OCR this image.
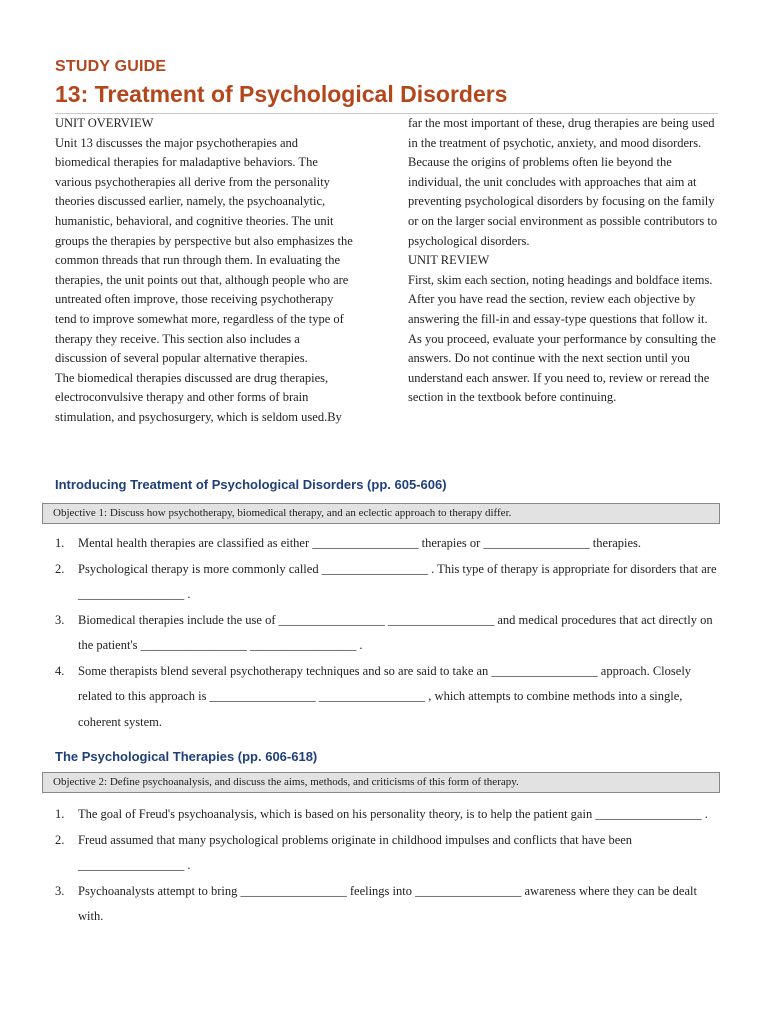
STUDY GUIDE
13: Treatment of Psychological Disorders

UNIT OVERVIEW

Unit 13 discusses the major psychotherapies and biomedical therapies for maladaptive behaviors. The various psychotherapies all derive from the personality theories discussed earlier, namely, the psychoanalytic, humanistic, behavioral, and cognitive theories. The unit groups the therapies by perspective but also emphasizes the common threads that run through them. In evaluating the therapies, the unit points out that, although people who are untreated often improve, those receiving psychotherapy tend to improve somewhat more, regardless of the type of therapy they receive. This section also includes a discussion of several popular alternative therapies.

The biomedical therapies discussed are drug therapies, electroconvulsive therapy and other forms of brain stimulation, and psychosurgery, which is seldom used.By

far the most important of these, drug therapies are being used in the treatment of psychotic, anxiety, and mood disorders.

Because the origins of problems often lie beyond the individual, the unit concludes with approaches that aim at preventing psychological disorders by focusing on the family or on the larger social environment as possible contributors to psychological disorders.

UNIT REVIEW

First, skim each section, noting headings and boldface items. After you have read the section, review each objective by answering the fill-in and essay-type questions that follow it. As you proceed, evaluate your performance by consulting the answers. Do not continue with the next section until you understand each answer. If you need to, review or reread the section in the textbook before continuing.

Introducing Treatment of Psychological Disorders (pp. 605-606)
Objective 1: Discuss how psychotherapy, biomedical therapy, and an eclectic approach to therapy differ.
1. Mental health therapies are classified as either _________________ therapies or _________________ therapies.
2. Psychological therapy is more commonly called _________________ . This type of therapy is appropriate for disorders that are _________________ .
3. Biomedical therapies include the use of _________________ _________________ and medical procedures that act directly on the patient's _________________ _________________ .
4. Some therapists blend several psychotherapy techniques and so are said to take an _________________ approach. Closely related to this approach is _________________ _________________ , which attempts to combine methods into a single, coherent system.
The Psychological Therapies (pp. 606-618)
Objective 2: Define psychoanalysis, and discuss the aims, methods, and criticisms of this form of therapy.
1. The goal of Freud's psychoanalysis, which is based on his personality theory, is to help the patient gain _________________ .
2. Freud assumed that many psychological problems originate in childhood impulses and conflicts that have been _________________ .
3. Psychoanalysts attempt to bring _________________ feelings into _________________ awareness where they can be dealt with.
